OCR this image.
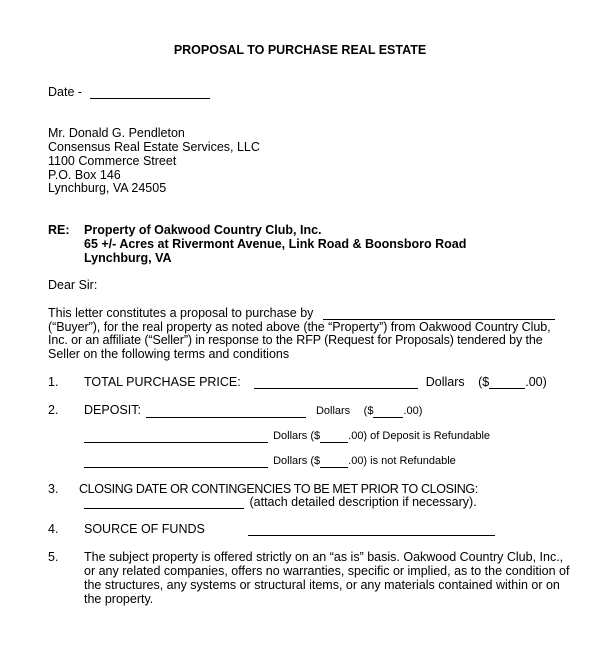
PROPOSAL TO PURCHASE REAL ESTATE
Date -
Mr. Donald G. Pendleton
Consensus Real Estate Services, LLC
1100 Commerce Street
P.O. Box 146
Lynchburg, VA 24505
RE: Property of Oakwood Country Club, Inc.
65 +/- Acres at Rivermont Avenue, Link Road & Boonsboro Road
Lynchburg, VA
Dear Sir:
This letter constitutes a proposal to purchase by
(“Buyer”), for the real property as noted above (the “Property”) from Oakwood Country Club,
Inc. or an affiliate (“Seller”) in response to the RFP (Request for Proposals) tendered by the
Seller on the following terms and conditions
1. TOTAL PURCHASE PRICE:	Dollars ($	.00)
2. DEPOSIT:	Dollars ($	.00)
Dollars ($	.00) of Deposit is Refundable
Dollars ($	.00) is not Refundable
3. CLOSING DATE OR CONTINGENCIES TO BE MET PRIOR TO CLOSING:
(attach detailed description if necessary).
4. SOURCE OF FUNDS
5. The subject property is offered strictly on an “as is” basis. Oakwood Country Club, Inc.,
or any related companies, offers no warranties, specific or implied, as to the condition of
the structures, any systems or structural items, or any materials contained within or on
the property.
